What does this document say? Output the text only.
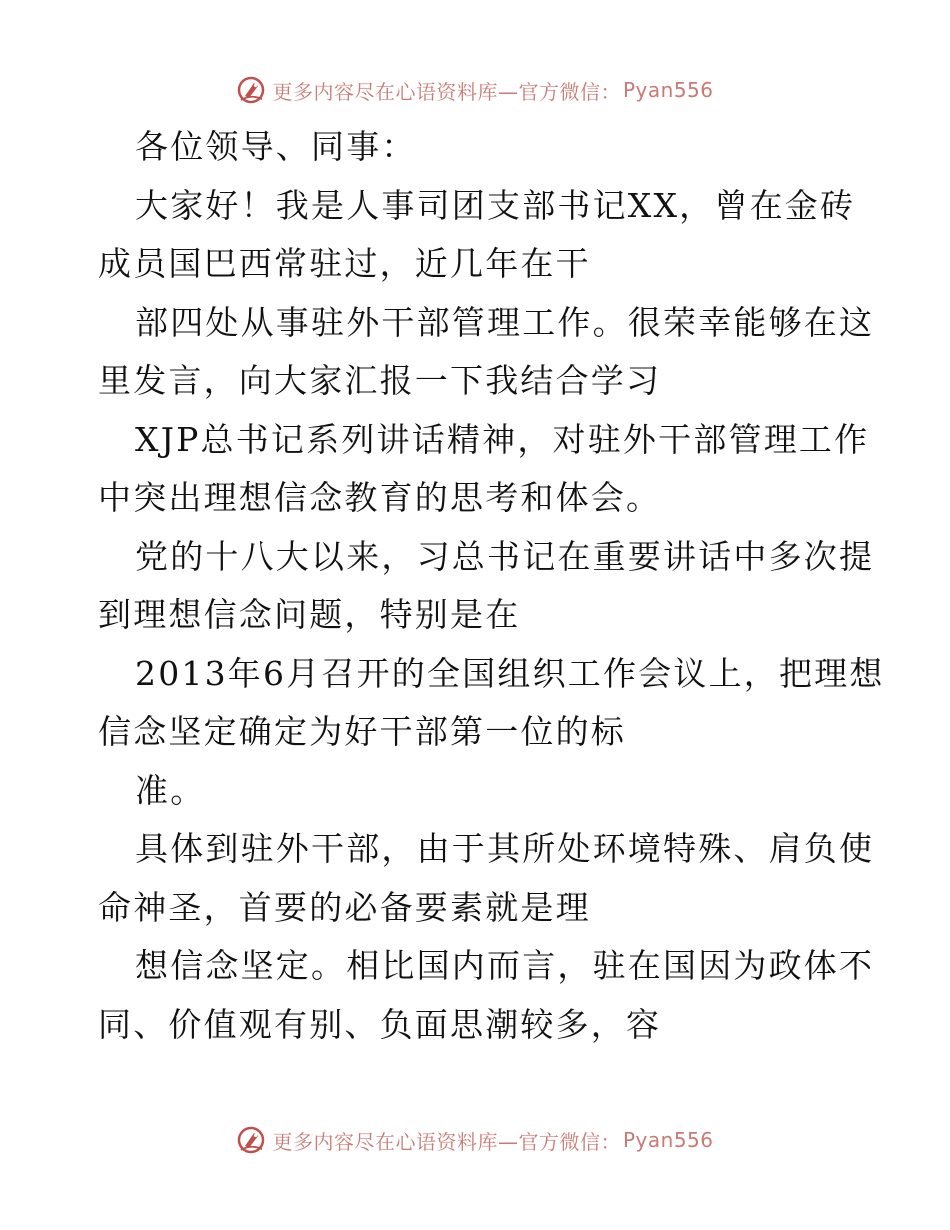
更多内容尽在心语资料库—官方微信： Pyan556
各位领导、同事：
大家好！我是人事司团支部书记XX，曾在金砖
成员国巴西常驻过，近几年在干
部四处从事驻外干部管理工作。很荣幸能够在这
里发言，向大家汇报一下我结合学习
XJP总书记系列讲话精神，对驻外干部管理工作
中突出理想信念教育的思考和体会。
党的十八大以来，习总书记在重要讲话中多次提
到理想信念问题，特别是在
2013年6月召开的全国组织工作会议上，把理想
信念坚定确定为好干部第一位的标
准。
具体到驻外干部，由于其所处环境特殊、肩负使
命神圣，首要的必备要素就是理
想信念坚定。相比国内而言，驻在国因为政体不
同、价值观有别、负面思潮较多，容
更多内容尽在心语资料库—官方微信： Pyan556
